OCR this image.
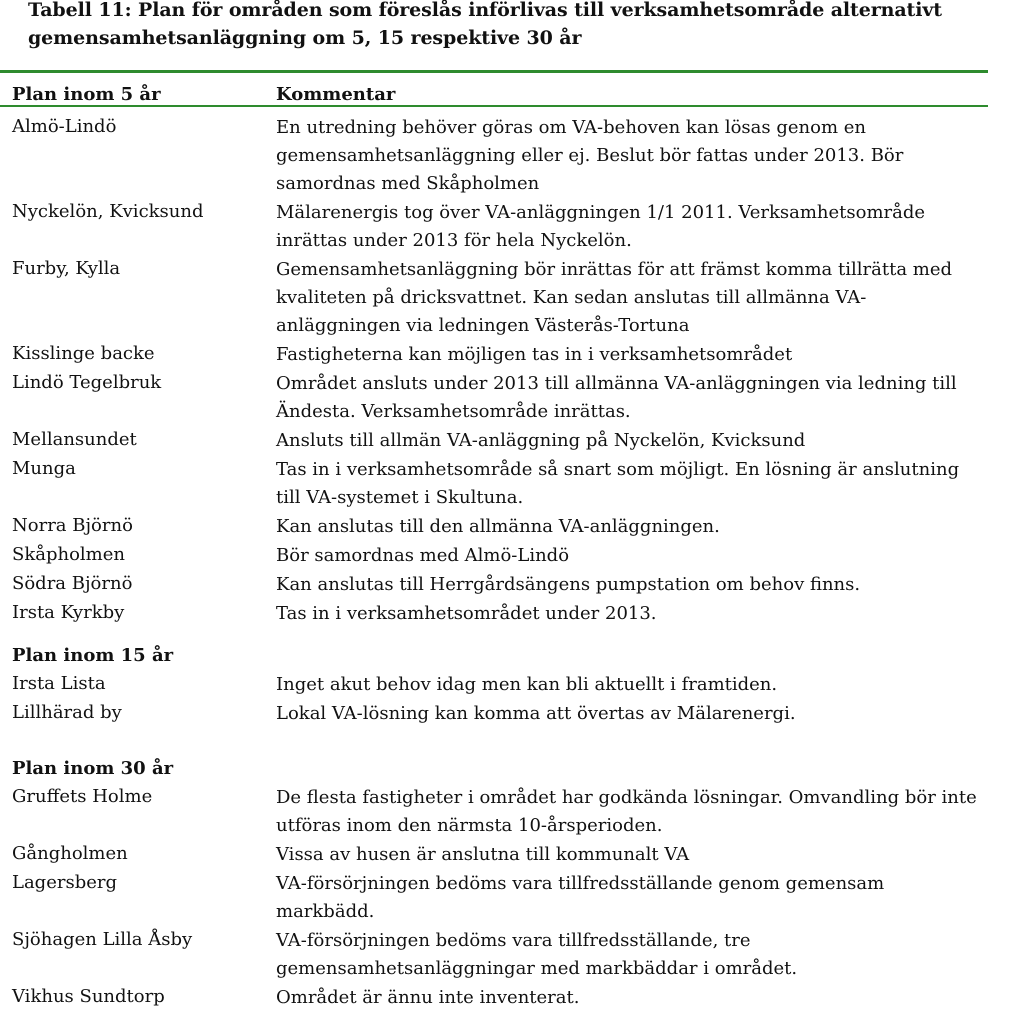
Tabell 11: Plan för områden som föreslås införlivas till verksamhetsområde alternativt gemensamhetsanläggning om 5, 15 respektive 30 år
Plan inom 5 år	Kommentar
Almö-Lindö	En utredning behöver göras om VA-behoven kan lösas genom en
gemensamhetsanläggning eller ej. Beslut bör fattas under 2013. Bör
samordnas med Skåpholmen
Nyckelön, Kvicksund	Mälarenergis tog över VA-anläggningen 1/1 2011. Verksamhetsområde
inrättas under 2013 för hela Nyckelön.
Furby, Kylla	Gemensamhetsanläggning bör inrättas för att främst komma tillrätta med
kvaliteten på dricksvattnet. Kan sedan anslutas till allmänna VA-
anläggningen via ledningen Västerås-Tortuna
Kisslinge backe	Fastigheterna kan möjligen tas in i verksamhetsområdet
Lindö Tegelbruk	Området ansluts under 2013 till allmänna VA-anläggningen via ledning till
Ändesta. Verksamhetsområde inrättas.
Mellansundet	Ansluts till allmän VA-anläggning på Nyckelön, Kvicksund
Munga	Tas in i verksamhetsområde så snart som möjligt. En lösning är anslutning
till VA-systemet i Skultuna.
Norra Björnö	Kan anslutas till den allmänna VA-anläggningen.
Skåpholmen	Bör samordnas med Almö-Lindö
Södra Björnö	Kan anslutas till Herrgårdsängens pumpstation om behov finns.
Irsta Kyrkby	Tas in i verksamhetsområdet under 2013.
Plan inom 15 år
Irsta Lista	Inget akut behov idag men kan bli aktuellt i framtiden.
Lillhärad by	Lokal VA-lösning kan komma att övertas av Mälarenergi.
Plan inom 30 år
Gruffets Holme	De flesta fastigheter i området har godkända lösningar. Omvandling bör inte
utföras inom den närmsta 10-årsperioden.
Gångholmen	Vissa av husen är anslutna till kommunalt VA
Lagersberg	VA-försörjningen bedöms vara tillfredsställande genom gemensam
markbädd.
Sjöhagen Lilla Åsby	VA-försörjningen bedöms vara tillfredsställande, tre
gemensamhetsanläggningar med markbäddar i området.
Vikhus Sundtorp	Området är ännu inte inventerat.
